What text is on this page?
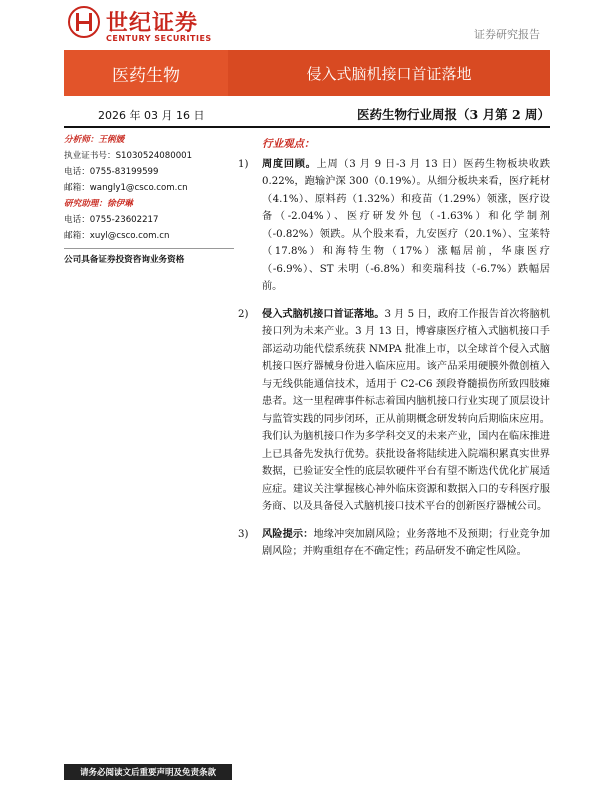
世纪证券
CENTURY SECURITIES	证券研究报告
医药生物	侵入式脑机接口首证落地
2026 年 03 月 16 日	医药生物行业周报（3 月第 2 周）
分析师：王俐媛
执业证书号：S1030524080001
电话：0755-83199599
邮箱：wangly1@csco.com.cn
研究助理：徐伊琳
电话：0755-23602217
邮箱：xuyl@csco.com.cn
公司具备证券投资咨询业务资格
行业观点：
1) 周度回顾。上周（3 月 9 日-3 月 13 日）医药生物板块收跌 0.22%，跑输沪深 300（0.19%）。从细分板块来看，医疗耗材（4.1%）、原料药（1.32%）和疫苗（1.29%）领涨，医疗设备（-2.04%）、医疗研发外包（-1.63%）和化学制剂（-0.82%）领跌。从个股来看，九安医疗（20.1%）、宝莱特（17.8%）和海特生物（17%）涨幅居前，华康医疗（-6.9%）、ST 未明（-6.8%）和奕瑞科技（-6.7%）跌幅居前。
2) 侵入式脑机接口首证落地。3 月 5 日，政府工作报告首次将脑机接口列为未来产业。3 月 13 日，博睿康医疗植入式脑机接口手部运动功能代偿系统获 NMPA 批准上市，以全球首个侵入式脑机接口医疗器械身份进入临床应用。该产品采用硬膜外微创植入与无线供能通信技术，适用于 C2-C6 颈段脊髓损伤所致四肢瘫患者。这一里程碑事件标志着国内脑机接口行业实现了顶层设计与监管实践的同步闭环，正从前期概念研发转向后期临床应用。我们认为脑机接口作为多学科交叉的未来产业，国内在临床推进上已具备先发执行优势。获批设备将陆续进入院端积累真实世界数据，已验证安全性的底层软硬件平台有望不断迭代优化扩展适应症。建议关注掌握核心神外临床资源和数据入口的专科医疗服务商、以及具备侵入式脑机接口技术平台的创新医疗器械公司。
3) 风险提示：地缘冲突加剧风险；业务落地不及预期；行业竞争加剧风险；并购重组存在不确定性；药品研发不确定性风险。
请务必阅读文后重要声明及免责条款
